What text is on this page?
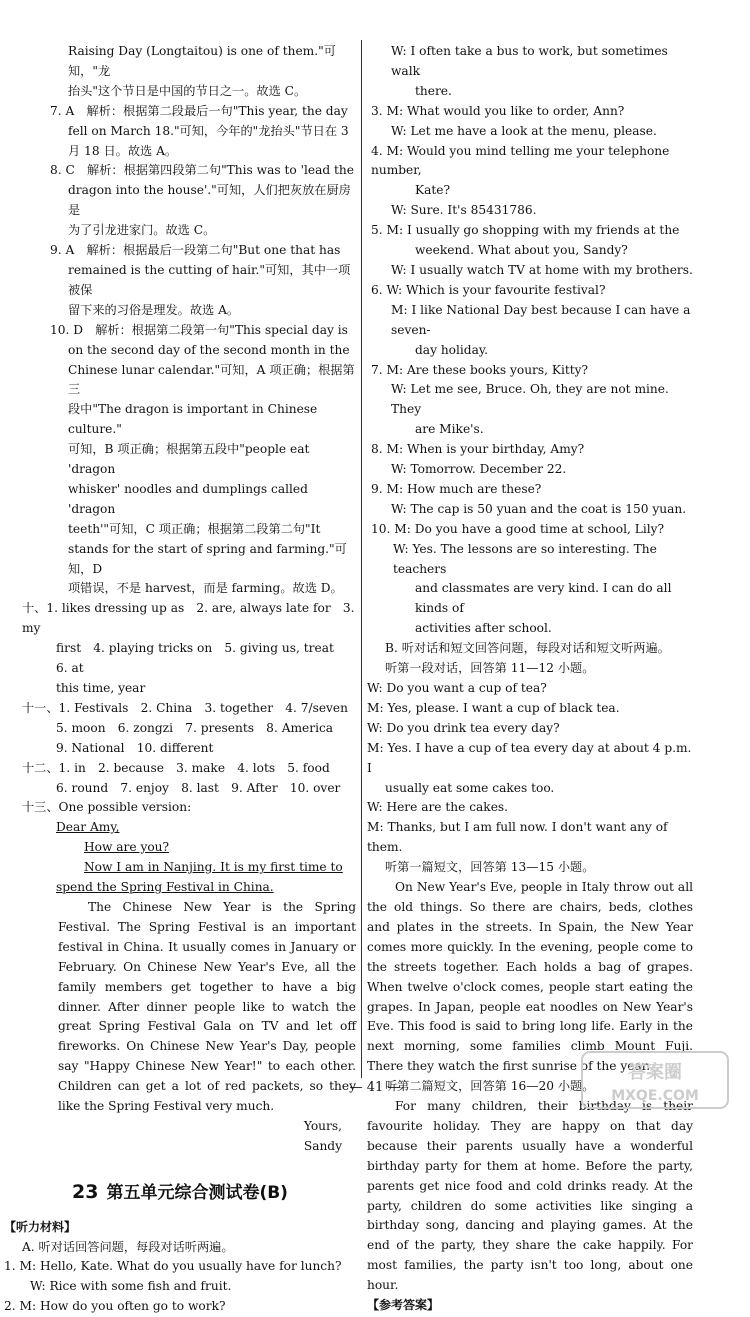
Raising Day (Longtaitou) is one of them."可知，"龙

抬头"这个节日是中国的节日之一。故选 C。

7. A　解析：根据第二段最后一句"This year, the day

fell on March 18."可知，今年的"龙抬头"节日在 3

月 18 日。故选 A。

8. C　解析：根据第四段第二句"This was to 'lead the

dragon into the house'."可知，人们把灰放在厨房是

为了引龙进家门。故选 C。

9. A　解析：根据最后一段第二句"But one that has

remained is the cutting of hair."可知，其中一项被保

留下来的习俗是理发。故选 A。

10. D　解析：根据第二段第一句"This special day is

on the second day of the second month in the

Chinese lunar calendar."可知，A 项正确；根据第三

段中"The dragon is important in Chinese culture."

可知，B 项正确；根据第五段中"people eat 'dragon

whisker' noodles and dumplings called 'dragon

teeth'"可知，C 项正确；根据第二段第二句"It

stands for the start of spring and farming."可知，D

项错误，不是 harvest，而是 farming。故选 D。

十、1. likes dressing up as　2. are, always late for　3. my

first　4. playing tricks on　5. giving us, treat　6. at

this time, year

十一、1. Festivals　2. China　3. together　4. 7/seven

5. moon　6. zongzi　7. presents　8. America

9. National　10. different

十二、1. in　2. because　3. make　4. lots　5. food

6. round　7. enjoy　8. last　9. After　10. over

十三、One possible version:

Dear Amy,

How are you?

Now I am in Nanjing. It is my first time to

spend the Spring Festival in China.

The Chinese New Year is the Spring Festival. The Spring Festival is an important festival in China. It usually comes in January or February. On Chinese New Year's Eve, all the family members get together to have a big dinner. After dinner people like to watch the great Spring Festival Gala on TV and let off fireworks. On Chinese New Year's Day, people say "Happy Chinese New Year!" to each other. Children can get a lot of red packets, so they like the Spring Festival very much.

Yours,

Sandy

23 第五单元综合测试卷(B)

【听力材料】

A. 听对话回答问题，每段对话听两遍。

1. M: Hello, Kate. What do you usually have for lunch?

W: Rice with some fish and fruit.

2. M: How do you often go to work?

W: I often take a bus to work, but sometimes walk

there.

3. M: What would you like to order, Ann?

W: Let me have a look at the menu, please.

4. M: Would you mind telling me your telephone number,

Kate?

W: Sure. It's 85431786.

5. M: I usually go shopping with my friends at the

weekend. What about you, Sandy?

W: I usually watch TV at home with my brothers.

6. W: Which is your favourite festival?

M: I like National Day best because I can have a seven-

day holiday.

7. M: Are these books yours, Kitty?

W: Let me see, Bruce. Oh, they are not mine. They

are Mike's.

8. M: When is your birthday, Amy?

W: Tomorrow. December 22.

9. M: How much are these?

W: The cap is 50 yuan and the coat is 150 yuan.

10. M: Do you have a good time at school, Lily?

W: Yes. The lessons are so interesting. The teachers

and classmates are very kind. I can do all kinds of

activities after school.

B. 听对话和短文回答问题，每段对话和短文听两遍。

听第一段对话，回答第 11—12 小题。

W: Do you want a cup of tea?

M: Yes, please. I want a cup of black tea.

W: Do you drink tea every day?

M: Yes. I have a cup of tea every day at about 4 p.m. I

usually eat some cakes too.

W: Here are the cakes.

M: Thanks, but I am full now. I don't want any of them.

听第一篇短文，回答第 13—15 小题。

On New Year's Eve, people in Italy throw out all the old things. So there are chairs, beds, clothes and plates in the streets. In Spain, the New Year comes more quickly. In the evening, people come to the streets together. Each holds a bag of grapes. When twelve o'clock comes, people start eating the grapes. In Japan, people eat noodles on New Year's Eve. This food is said to bring long life. Early in the next morning, some families climb Mount Fuji. There they watch the first sunrise of the year.

听第二篇短文，回答第 16—20 小题。

For many children, their birthday is their favourite holiday. They are happy on that day because their parents usually have a wonderful birthday party for them at home. Before the party, parents get nice food and cold drinks ready. At the party, children do some activities like singing a birthday song, dancing and playing games. At the end of the party, they share the cake happily. For most families, the party isn't too long, about one hour.

【参考答案】

— 41 —
答案圈
MXQE.COM
